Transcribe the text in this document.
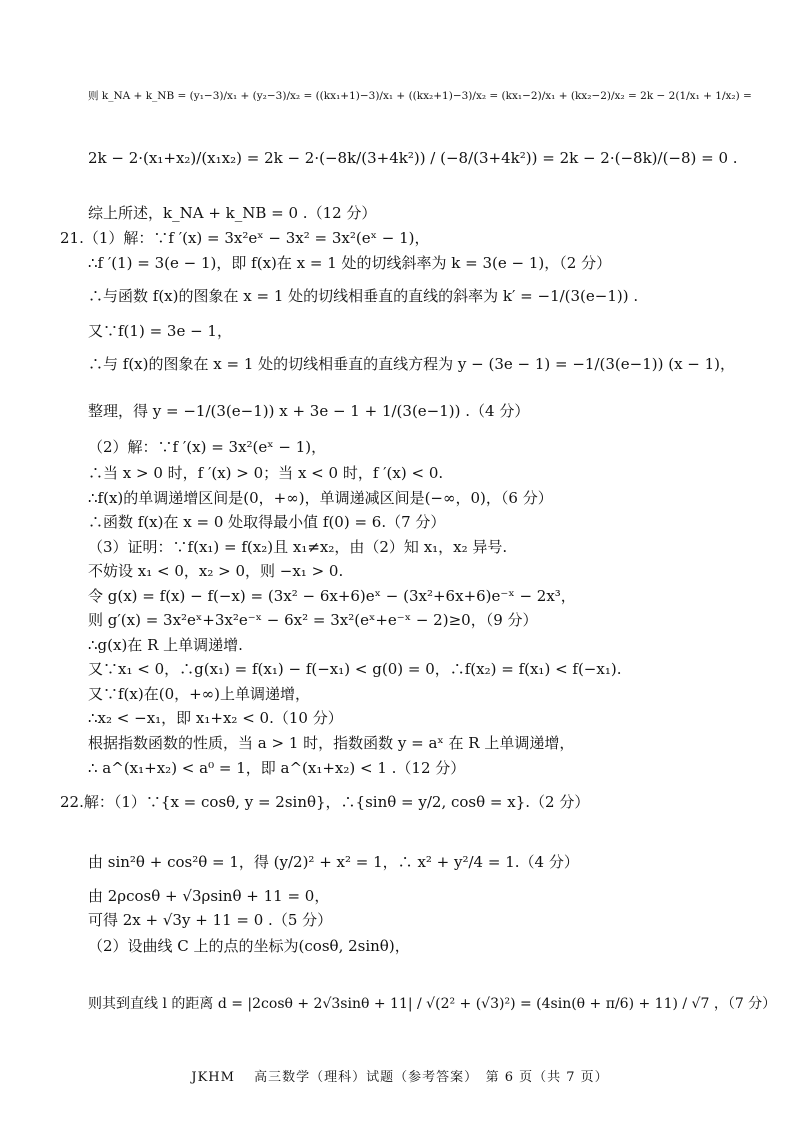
则 k_NA + k_NB = (y₁−3)/x₁ + (y₂−3)/x₂ = ((kx₁+1)−3)/x₁ + ((kx₂+1)−3)/x₂ = (kx₁−2)/x₁ + (kx₂−2)/x₂ = 2k − 2(1/x₁ + 1/x₂) =
2k − 2·(x₁+x₂)/(x₁x₂) = 2k − 2·(−8k/(3+4k²)) / (−8/(3+4k²)) = 2k − 2·(−8k)/(−8) = 0 .
综上所述，k_NA + k_NB = 0 .（12 分）
21.（1）解：∵f ′(x) = 3x²eˣ − 3x² = 3x²(eˣ − 1)，
∴f ′(1) = 3(e − 1)，即 f(x)在 x = 1 处的切线斜率为 k = 3(e − 1)，（2 分）
∴与函数 f(x)的图象在 x = 1 处的切线相垂直的直线的斜率为 k′ = −1/(3(e−1)) .
又∵f(1) = 3e − 1，
∴与 f(x)的图象在 x = 1 处的切线相垂直的直线方程为 y − (3e − 1) = −1/(3(e−1)) (x − 1)，
整理，得 y = −1/(3(e−1)) x + 3e − 1 + 1/(3(e−1)) .（4 分）
（2）解：∵f ′(x) = 3x²(eˣ − 1)，
∴当 x > 0 时，f ′(x) > 0；当 x < 0 时，f ′(x) < 0.
∴f(x)的单调递增区间是(0，+∞)，单调递减区间是(−∞，0)，（6 分）
∴函数 f(x)在 x = 0 处取得最小值 f(0) = 6.（7 分）
（3）证明：∵f(x₁) = f(x₂)且 x₁≠x₂，由（2）知 x₁，x₂ 异号.
不妨设 x₁ < 0，x₂ > 0，则 −x₁ > 0.
令 g(x) = f(x) − f(−x) = (3x² − 6x+6)eˣ − (3x²+6x+6)e⁻ˣ − 2x³，
则 g′(x) = 3x²eˣ+3x²e⁻ˣ − 6x² = 3x²(eˣ+e⁻ˣ − 2)≥0，（9 分）
∴g(x)在 R 上单调递增.
又∵x₁ < 0，∴g(x₁) = f(x₁) − f(−x₁) < g(0) = 0，∴f(x₂) = f(x₁) < f(−x₁).
又∵f(x)在(0，+∞)上单调递增，
∴x₂ < −x₁，即 x₁+x₂ < 0.（10 分）
根据指数函数的性质，当 a > 1 时，指数函数 y = aˣ 在 R 上单调递增，
∴ a^(x₁+x₂) < a⁰ = 1，即 a^(x₁+x₂) < 1 .（12 分）
22.解：（1）∵{x = cosθ, y = 2sinθ}，∴{sinθ = y/2, cosθ = x}.（2 分）
由 sin²θ + cos²θ = 1，得 (y/2)² + x² = 1，∴ x² + y²/4 = 1.（4 分）
由 2ρcosθ + √3ρsinθ + 11 = 0，
可得 2x + √3y + 11 = 0 .（5 分）
（2）设曲线 C 上的点的坐标为(cosθ, 2sinθ)，
则其到直线 l 的距离 d = |2cosθ + 2√3sinθ + 11| / √(2² + (√3)²) = (4sin(θ + π/6) + 11) / √7 ，（7 分）
JKHM　 高三数学（理科）试题（参考答案）　第 6 页（共 7 页）
